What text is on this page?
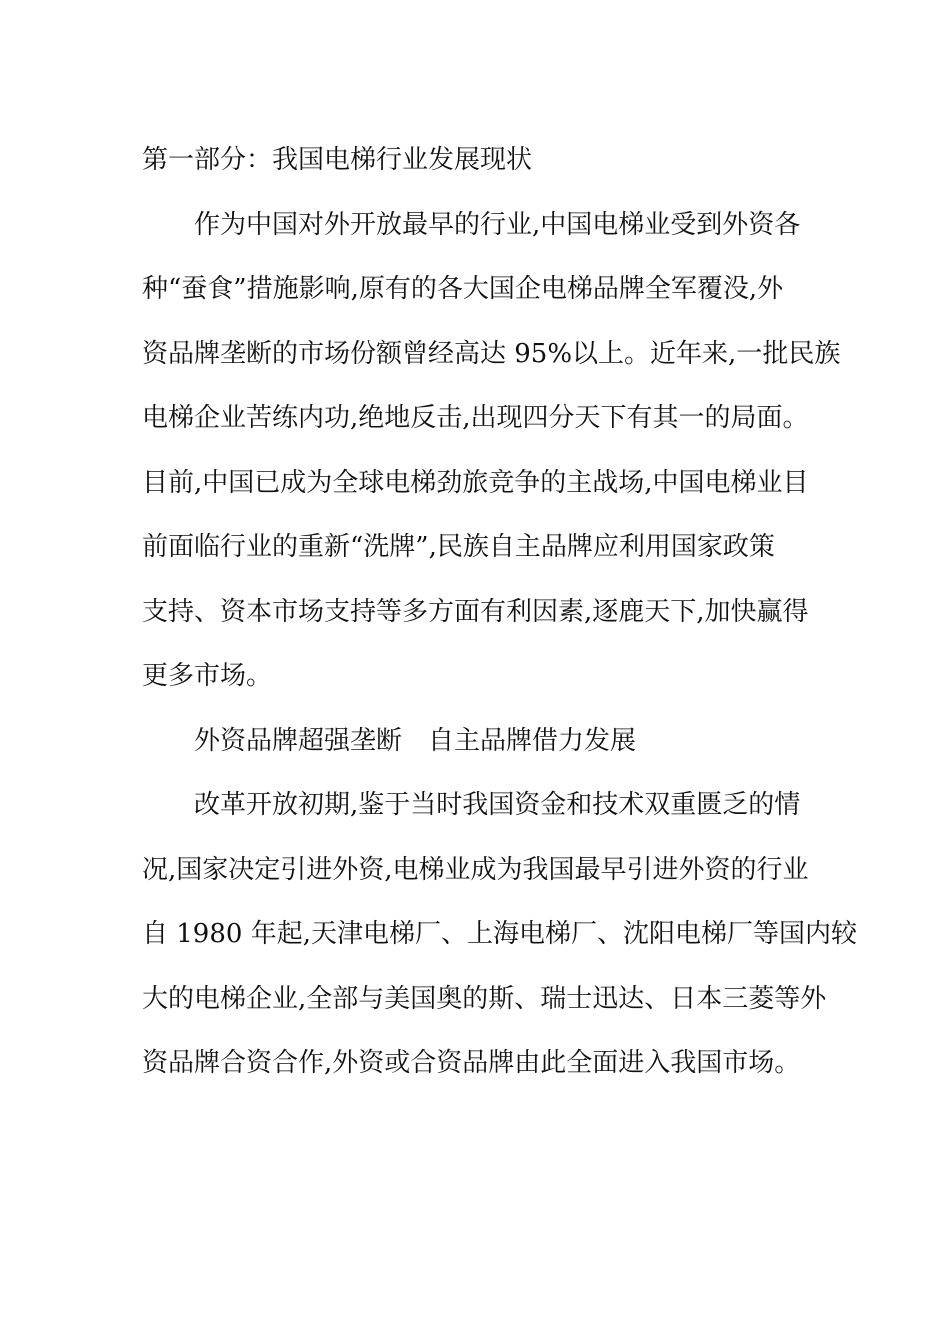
第一部分：我国电梯行业发展现状

作为中国对外开放最早的行业,中国电梯业受到外资各
种“蚕食”措施影响,原有的各大国企电梯品牌全军覆没,外
资品牌垄断的市场份额曾经高达 95%以上。近年来,一批民族
电梯企业苦练内功,绝地反击,出现四分天下有其一的局面。
目前,中国已成为全球电梯劲旅竞争的主战场,中国电梯业目
前面临行业的重新“洗牌”,民族自主品牌应利用国家政策
支持、资本市场支持等多方面有利因素,逐鹿天下,加快赢得
更多市场。

外资品牌超强垄断　自主品牌借力发展

改革开放初期,鉴于当时我国资金和技术双重匮乏的情
况,国家决定引进外资,电梯业成为我国最早引进外资的行业
自 1980 年起,天津电梯厂、上海电梯厂、沈阳电梯厂等国内较
大的电梯企业,全部与美国奥的斯、瑞士迅达、日本三菱等外
资品牌合资合作,外资或合资品牌由此全面进入我国市场。
